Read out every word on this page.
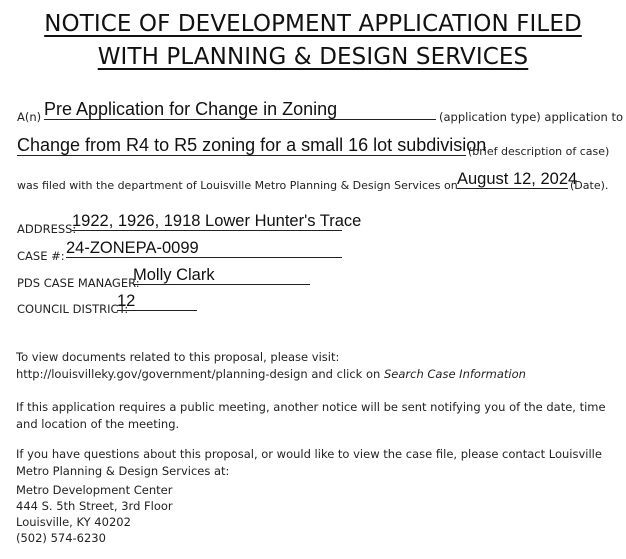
NOTICE OF DEVELOPMENT APPLICATION FILED
WITH PLANNING & DESIGN SERVICES
A(n) Pre Application for Change in Zoning	(application type) application to
Change from R4 to R5 zoning for a small 16 lot subdivision
(brief description of case)
was filed with the department of Louisville Metro Planning & Design Services on August 12, 2024
(Date).
ADDRESS:
1922, 1926, 1918 Lower Hunter's Trace
CASE #: 24-ZONEPA-0099
PDS CASE MANAGER:
Molly Clark
COUNCIL DISTRICT:
12
To view documents related to this proposal, please visit:
http://louisvilleky.gov/government/planning-design and click on Search Case Information
If this application requires a public meeting, another notice will be sent notifying you of the date, time and location of the meeting.
If you have questions about this proposal, or would like to view the case file, please contact Louisville Metro Planning & Design Services at:
Metro Development Center
444 S. 5th Street, 3rd Floor
Louisville, KY 40202
(502) 574-6230
